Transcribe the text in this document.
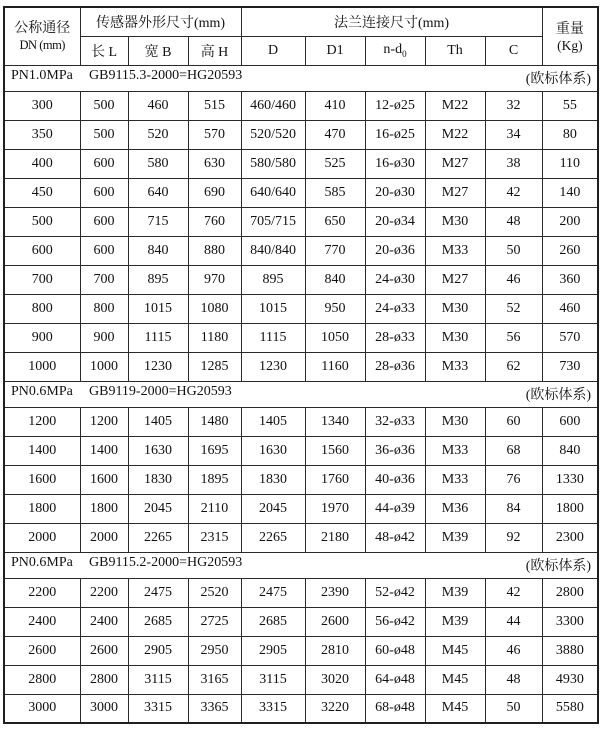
公称通径
DN (mm)
	传感器外形尺寸(mm)	法兰连接尺寸(mm)	重量
(Kg)

	长 L	宽 B	高 H	D	D1	$n-d_0$	Th	C	
PN1.0MPa GB9115.3-2000=HG20593 (欧标体系)									

300	500	460	515	460/460	410	12-ø25	M22	32	55
350	500	520	570	520/520	470	16-ø25	M22	34	80
400	600	580	630	580/580	525	16-ø30	M27	38	110
450	600	640	690	640/640	585	20-ø30	M27	42	140
500	600	715	760	705/715	650	20-ø34	M30	48	200
600	600	840	880	840/840	770	20-ø36	M33	50	260
700	700	895	970	895	840	24-ø30	M27	46	360
800	800	1015	1080	1015	950	24-ø33	M30	52	460
900	900	1115	1180	1115	1050	28-ø33	M30	56	570
1000	1000	1230	1285	1230	1160	28-ø36	M33	62	730
PN0.6MPa GB9119-2000=HG20593 (欧标体系)									

1200	1200	1405	1480	1405	1340	32-ø33	M30	60	600
1400	1400	1630	1695	1630	1560	36-ø36	M33	68	840
1600	1600	1830	1895	1830	1760	40-ø36	M33	76	1330
1800	1800	2045	2110	2045	1970	44-ø39	M36	84	1800
2000	2000	2265	2315	2265	2180	48-ø42	M39	92	2300
PN0.6MPa GB9115.2-2000=HG20593 (欧标体系)									

2200	2200	2475	2520	2475	2390	52-ø42	M39	42	2800
2400	2400	2685	2725	2685	2600	56-ø42	M39	44	3300
2600	2600	2905	2950	2905	2810	60-ø48	M45	46	3880
2800	2800	3115	3165	3115	3020	64-ø48	M45	48	4930
3000	3000	3315	3365	3315	3220	68-ø48	M45	50	5580
